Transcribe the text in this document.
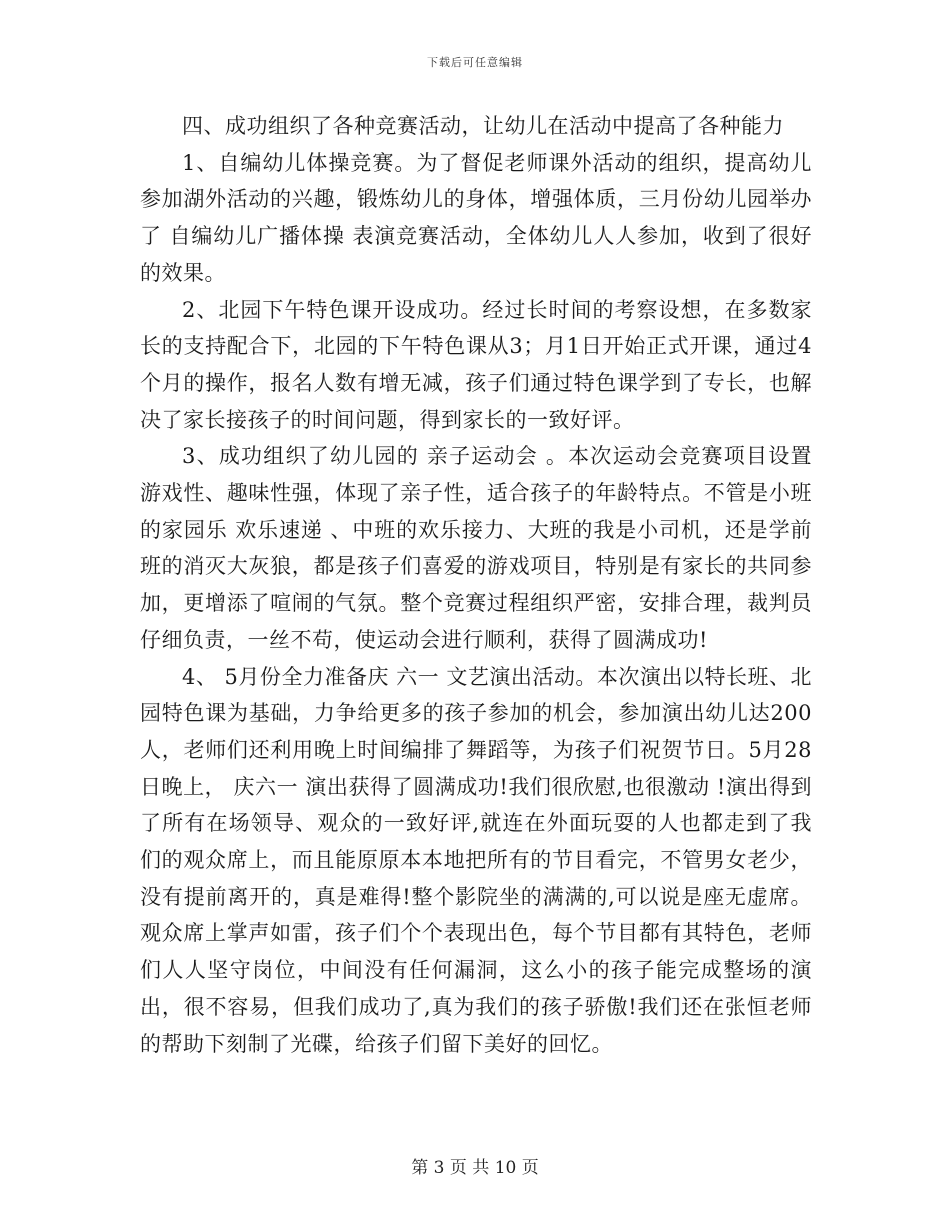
下载后可任意编辑

四、成功组织了各种竞赛活动，让幼儿在活动中提高了各种能力

1、自编幼儿体操竞赛。为了督促老师课外活动的组织，提高幼儿参加湖外活动的兴趣，锻炼幼儿的身体，增强体质，三月份幼儿园举办了 自编幼儿广播体操 表演竞赛活动，全体幼儿人人参加，收到了很好的效果。

2、北园下午特色课开设成功。经过长时间的考察设想，在多数家长的支持配合下，北园的下午特色课从3；月1日开始正式开课，通过4个月的操作，报名人数有增无减，孩子们通过特色课学到了专长，也解决了家长接孩子的时间问题，得到家长的一致好评。

3、成功组织了幼儿园的 亲子运动会 。本次运动会竞赛项目设置游戏性、趣味性强，体现了亲子性，适合孩子的年龄特点。不管是小班的家园乐 欢乐速递 、中班的欢乐接力、大班的我是小司机，还是学前班的消灭大灰狼，都是孩子们喜爱的游戏项目，特别是有家长的共同参加，更增添了喧闹的气氛。整个竞赛过程组织严密，安排合理，裁判员仔细负责，一丝不苟，使运动会进行顺利，获得了圆满成功!

4、 5月份全力准备庆 六一 文艺演出活动。本次演出以特长班、北园特色课为基础，力争给更多的孩子参加的机会，参加演出幼儿达200人，老师们还利用晚上时间编排了舞蹈等，为孩子们祝贺节日。5月28日晚上， 庆六一 演出获得了圆满成功!我们很欣慰,也很激动 !演出得到了所有在场领导、观众的一致好评,就连在外面玩耍的人也都走到了我们的观众席上，而且能原原本本地把所有的节目看完，不管男女老少，没有提前离开的，真是难得!整个影院坐的满满的,可以说是座无虚席。观众席上掌声如雷，孩子们个个表现出色，每个节目都有其特色，老师们人人坚守岗位，中间没有任何漏洞，这么小的孩子能完成整场的演出，很不容易，但我们成功了,真为我们的孩子骄傲!我们还在张恒老师的帮助下刻制了光碟，给孩子们留下美好的回忆。

第 3 页 共 10 页
